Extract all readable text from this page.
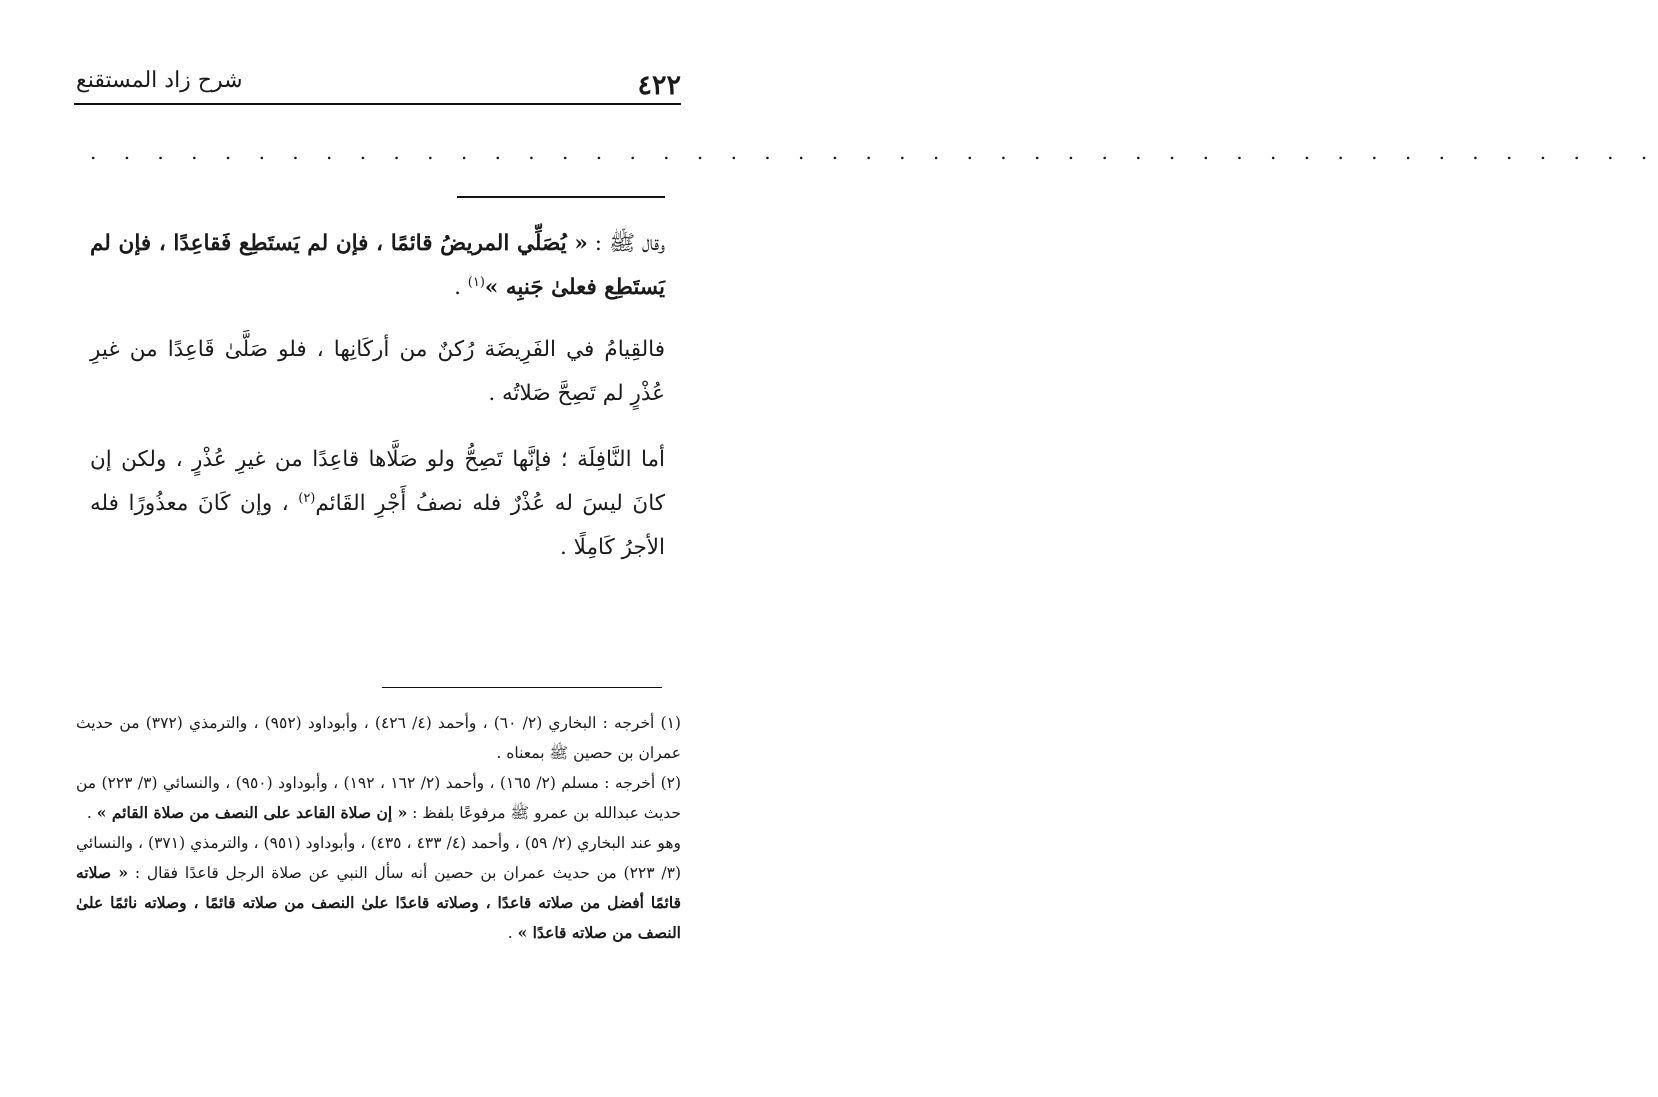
٤٢٢
شرح زاد المستقنع
. . . . . . . . . . . . . . . . . . . . . . . . . . . . . . . . . . . . . . . . . . . . . . .

وقال ﷺ : « يُصَلِّي المريضُ قائمًا ، فإن لم يَستَطِع فَقاعِدًا ، فإن لم يَستَطِع فعلىٰ جَنبِه »$^{(١)}$ .

فالقِيامُ في الفَرِيضَة رُكنٌ من أركَانِها ، فلو صَلَّىٰ قَاعِدًا من غيرِ عُذْرٍ لم تَصِحَّ صَلاتُه .

أما النَّافِلَة ؛ فإنَّها تَصِحُّ ولو صَلَّاها قاعِدًا من غيرِ عُذْرٍ ، ولكن إن كانَ ليسَ له عُذْرٌ فله نصفُ أَجْرِ القَائم$^{(٢)}$ ، وإن كَانَ معذُورًا فله الأجرُ كَامِلًا .

(١) أخرجه : البخاري (٢/ ٦٠) ، وأحمد (٤/ ٤٢٦) ، وأبوداود (٩٥٢) ، والترمذي (٣٧٢) من حديث عمران بن حصين ﷺ بمعناه .

(٢) أخرجه : مسلم (٢/ ١٦٥) ، وأحمد (٢/ ١٦٢ ، ١٩٢) ، وأبوداود (٩٥٠) ، والنسائي (٣/ ٢٢٣) من حديث عبدالله بن عمرو ﷺ مرفوعًا بلفظ : « إن صلاة القاعد على النصف من صلاة القائم » .

وهو عند البخاري (٢/ ٥٩) ، وأحمد (٤/ ٤٣٣ ، ٤٣٥) ، وأبوداود (٩٥١) ، والترمذي (٣٧١) ، والنسائي (٣/ ٢٢٣) من حديث عمران بن حصين أنه سأل النبي عن صلاة الرجل قاعدًا فقال : « صلاته قائمًا أفضل من صلاته قاعدًا ، وصلاته قاعدًا علىٰ النصف من صلاته قائمًا ، وصلاته نائمًا علىٰ النصف من صلاته قاعدًا » .
